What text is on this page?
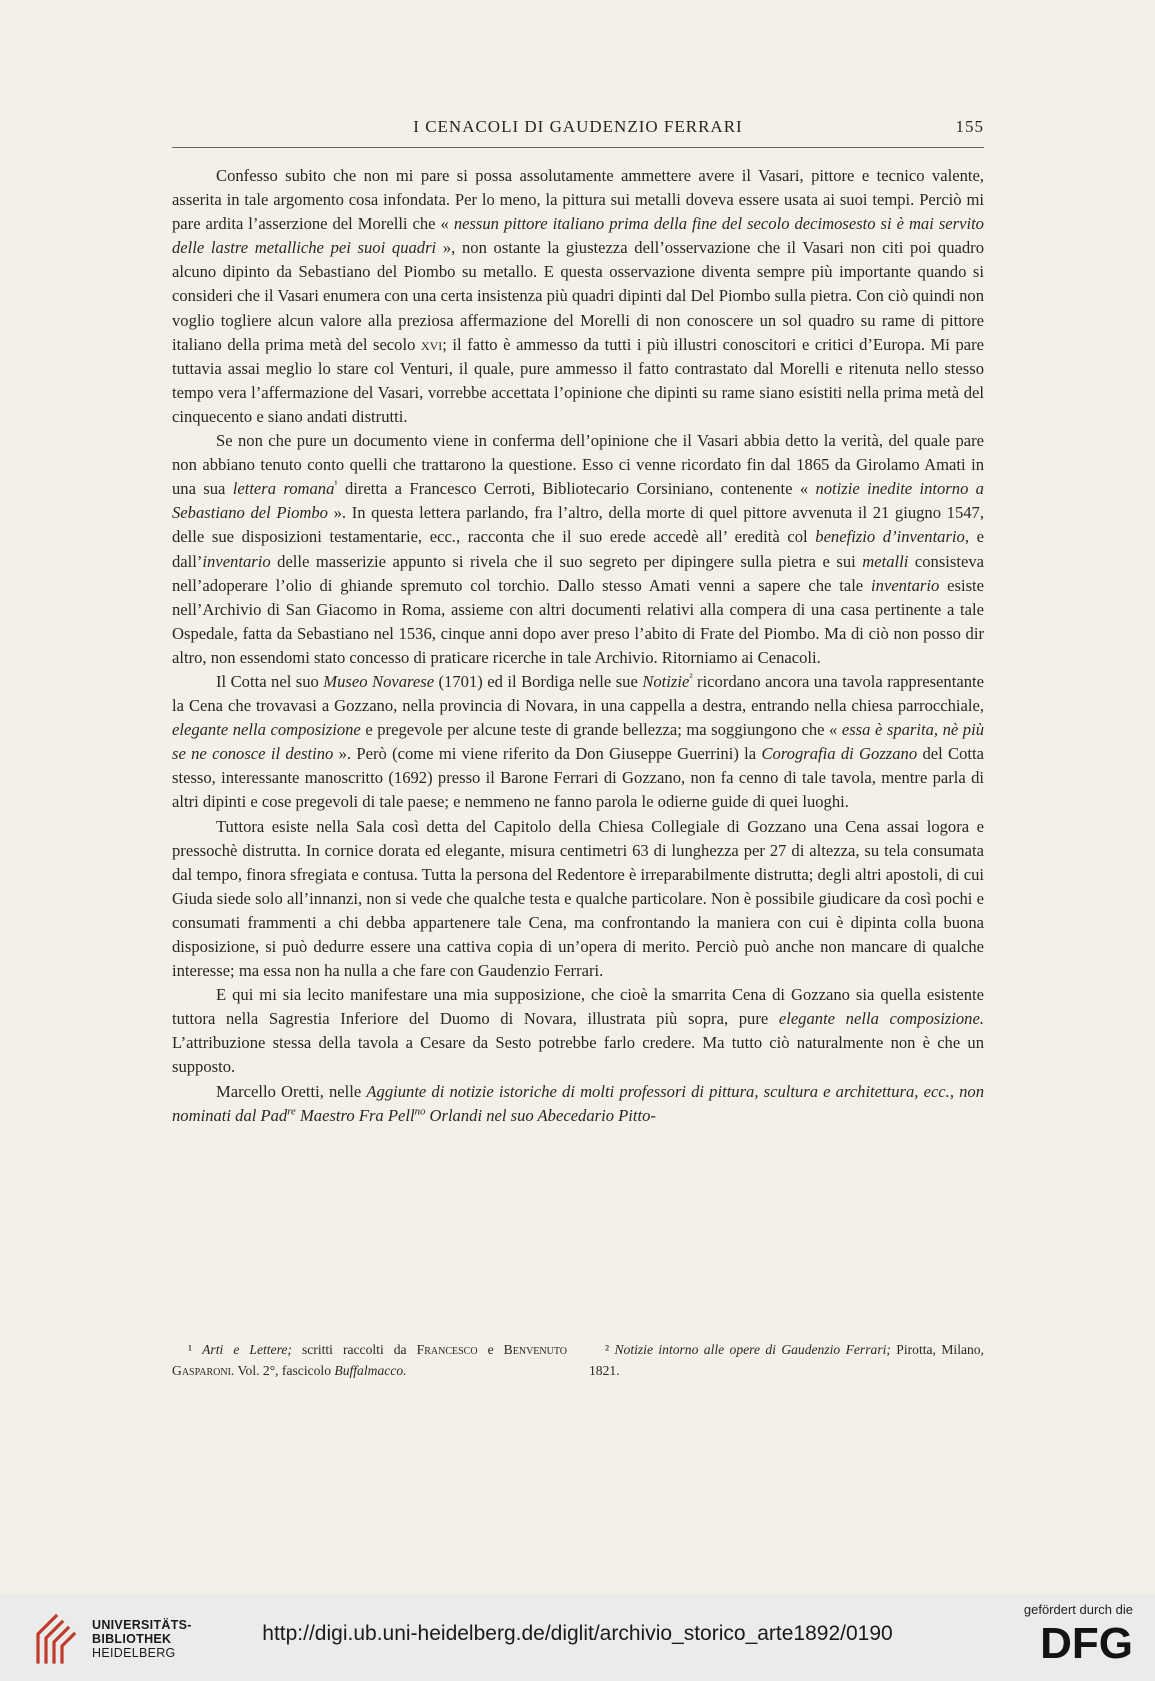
I CENACOLI DI GAUDENZIO FERRARI	155

Confesso subito che non mi pare si possa assolutamente ammettere avere il Vasari, pittore e tecnico valente, asserita in tale argomento cosa infondata. Per lo meno, la pittura sui metalli doveva essere usata ai suoi tempi. Perciò mi pare ardita l’asserzione del Morelli che « nessun pittore italiano prima della fine del secolo decimosesto si è mai servito delle lastre metalliche pei suoi quadri », non ostante la giustezza dell’osservazione che il Vasari non citi poi quadro alcuno dipinto da Sebastiano del Piombo su metallo. E questa osservazione diventa sempre più importante quando si consideri che il Vasari enumera con una certa insistenza più quadri dipinti dal Del Piombo sulla pietra. Con ciò quindi non voglio togliere alcun valore alla preziosa affermazione del Morelli di non conoscere un sol quadro su rame di pittore italiano della prima metà del secolo xvi; il fatto è ammesso da tutti i più illustri conoscitori e critici d’Europa. Mi pare tuttavia assai meglio lo stare col Venturi, il quale, pure ammesso il fatto contrastato dal Morelli e ritenuta nello stesso tempo vera l’affermazione del Vasari, vorrebbe accettata l’opinione che dipinti su rame siano esistiti nella prima metà del cinquecento e siano andati distrutti.

Se non che pure un documento viene in conferma dell’opinione che il Vasari abbia detto la verità, del quale pare non abbiano tenuto conto quelli che trattarono la questione. Esso ci venne ricordato fin dal 1865 da Girolamo Amati in una sua lettera romana$^{^1}$ diretta a Francesco Cerroti, Bibliotecario Corsiniano, contenente « notizie inedite intorno a Sebastiano del Piombo ». In questa lettera parlando, fra l’altro, della morte di quel pittore avvenuta il 21 giugno 1547, delle sue disposizioni testamentarie, ecc., racconta che il suo erede accedè all’ eredità col benefizio d’inventario, e dall’inventario delle masserizie appunto si rivela che il suo segreto per dipingere sulla pietra e sui metalli consisteva nell’adoperare l’olio di ghiande spremuto col torchio. Dallo stesso Amati venni a sapere che tale inventario esiste nell’Archivio di San Giacomo in Roma, assieme con altri documenti relativi alla compera di una casa pertinente a tale Ospedale, fatta da Sebastiano nel 1536, cinque anni dopo aver preso l’abito di Frate del Piombo. Ma di ciò non posso dir altro, non essendomi stato concesso di praticare ricerche in tale Archivio. Ritorniamo ai Cenacoli.

Il Cotta nel suo Museo Novarese (1701) ed il Bordiga nelle sue Notizie$^{^2}$ ricordano ancora una tavola rappresentante la Cena che trovavasi a Gozzano, nella provincia di Novara, in una cappella a destra, entrando nella chiesa parrocchiale, elegante nella composizione e pregevole per alcune teste di grande bellezza; ma soggiungono che « essa è sparita, nè più se ne conosce il destino ». Però (come mi viene riferito da Don Giuseppe Guerrini) la Corografia di Gozzano del Cotta stesso, interessante manoscritto (1692) presso il Barone Ferrari di Gozzano, non fa cenno di tale tavola, mentre parla di altri dipinti e cose pregevoli di tale paese; e nemmeno ne fanno parola le odierne guide di quei luoghi.

Tuttora esiste nella Sala così detta del Capitolo della Chiesa Collegiale di Gozzano una Cena assai logora e pressochè distrutta. In cornice dorata ed elegante, misura centimetri 63 di lunghezza per 27 di altezza, su tela consumata dal tempo, finora sfregiata e contusa. Tutta la persona del Redentore è irreparabilmente distrutta; degli altri apostoli, di cui Giuda siede solo all’innanzi, non si vede che qualche testa e qualche particolare. Non è possibile giudicare da così pochi e consumati frammenti a chi debba appartenere tale Cena, ma confrontando la maniera con cui è dipinta colla buona disposizione, si può dedurre essere una cattiva copia di un’opera di merito. Perciò può anche non mancare di qualche interesse; ma essa non ha nulla a che fare con Gaudenzio Ferrari.

E qui mi sia lecito manifestare una mia supposizione, che cioè la smarrita Cena di Gozzano sia quella esistente tuttora nella Sagrestia Inferiore del Duomo di Novara, illustrata più sopra, pure elegante nella composizione. L’attribuzione stessa della tavola a Cesare da Sesto potrebbe farlo credere. Ma tutto ciò naturalmente non è che un supposto.

Marcello Oretti, nelle Aggiunte di notizie istoriche di molti professori di pittura, scultura e architettura, ecc., non nominati dal Pad$^{re}$ Maestro Fra Pell$^{no}$ Orlandi nel suo Abecedario Pitto-

¹ Arti e Lettere; scritti raccolti da Francesco e Benvenuto Gasparoni. Vol. 2°, fascicolo Buffalmacco.
² Notizie intorno alle opere di Gaudenzio Ferrari; Pirotta, Milano, 1821.
UNIVERSITÄTS-
BIBLIOTHEK
HEIDELBERG
http://digi.ub.uni-heidelberg.de/diglit/archivio_storico_arte1892/0190
gefördert durch die
DFG
